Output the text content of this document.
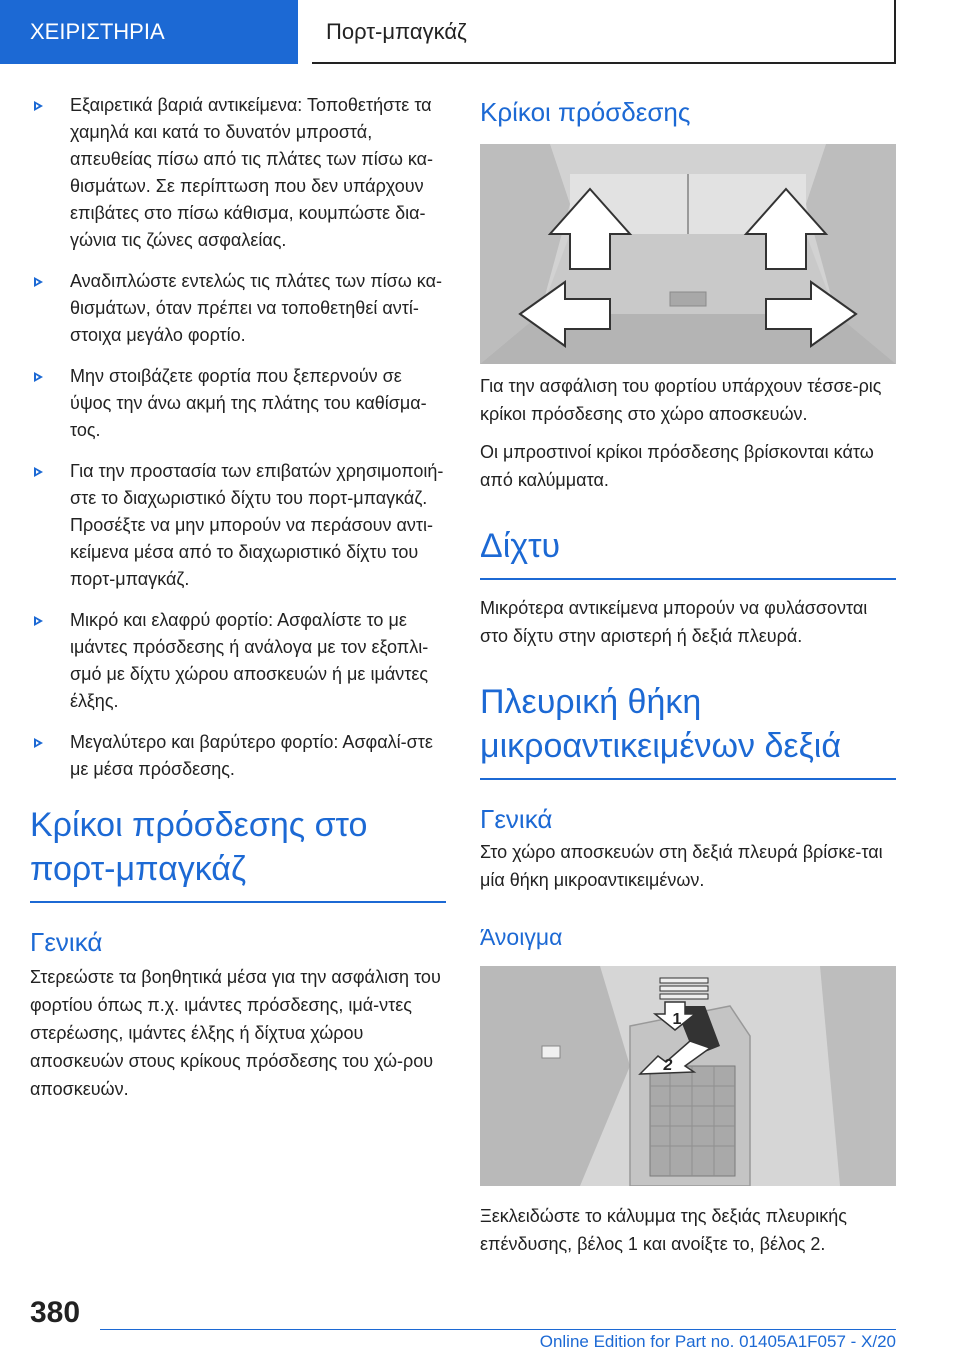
ΧΕΙΡΙΣΤΗΡΙΑ	Πορτ-μπαγκάζ
Εξαιρετικά βαριά αντικείμενα: Τοποθετήστε τα χαμηλά και κατά το δυνατόν μπροστά, απευθείας πίσω από τις πλάτες των πίσω κα-θισμάτων. Σε περίπτωση που δεν υπάρχουν επιβάτες στο πίσω κάθισμα, κουμπώστε δια-γώνια τις ζώνες ασφαλείας.
Αναδιπλώστε εντελώς τις πλάτες των πίσω κα-θισμάτων, όταν πρέπει να τοποθετηθεί αντί-στοιχα μεγάλο φορτίο.
Μην στοιβάζετε φορτία που ξεπερνούν σε ύψος την άνω ακμή της πλάτης του καθίσμα-τος.
Για την προστασία των επιβατών χρησιμοποιή-στε το διαχωριστικό δίχτυ του πορτ-μπαγκάζ. Προσέξτε να μην μπορούν να περάσουν αντι-κείμενα μέσα από το διαχωριστικό δίχτυ του πορτ-μπαγκάζ.
Μικρό και ελαφρύ φορτίο: Ασφαλίστε το με ιμάντες πρόσδεσης ή ανάλογα με τον εξοπλι-σμό με δίχτυ χώρου αποσκευών ή με ιμάντες έλξης.
Μεγαλύτερο και βαρύτερο φορτίο: Ασφαλί-στε με μέσα πρόσδεσης.
Κρίκοι πρόσδεσης στο πορτ-μπαγκάζ
Γενικά

Στερεώστε τα βοηθητικά μέσα για την ασφάλιση του φορτίου όπως π.χ. ιμάντες πρόσδεσης, ιμά-ντες στερέωσης, ιμάντες έλξης ή δίχτυα χώρου αποσκευών στους κρίκους πρόσδεσης του χώ-ρου αποσκευών.

Κρίκοι πρόσδεσης

Για την ασφάλιση του φορτίου υπάρχουν τέσσε-ρις κρίκοι πρόσδεσης στο χώρο αποσκευών.

Οι μπροστινοί κρίκοι πρόσδεσης βρίσκονται κάτω από καλύμματα.

Δίχτυ

Μικρότερα αντικείμενα μπορούν να φυλάσσονται στο δίχτυ στην αριστερή ή δεξιά πλευρά.

Πλευρική θήκη μικροαντικειμένων δεξιά
Γενικά

Στο χώρο αποσκευών στη δεξιά πλευρά βρίσκε-ται μία θήκη μικροαντικειμένων.

Άνοιγμα
1
2

Ξεκλειδώστε το κάλυμμα της δεξιάς πλευρικής επένδυσης, βέλος 1 και ανοίξτε το, βέλος 2.

380
Online Edition for Part no. 01405A1F057 - X/20
